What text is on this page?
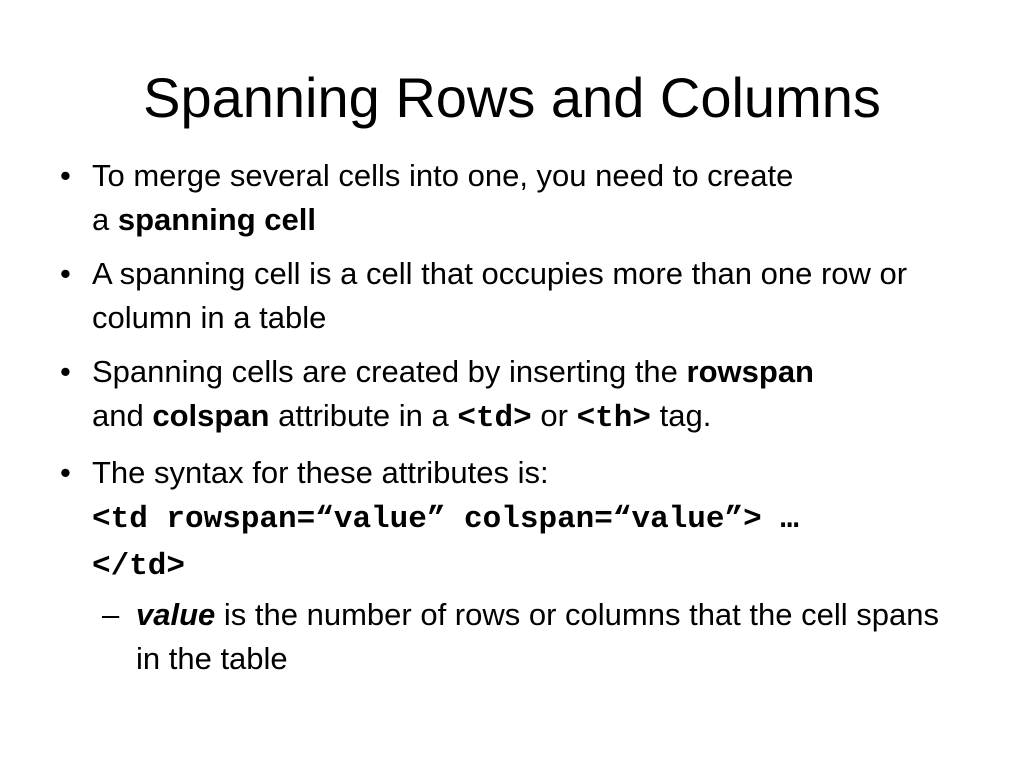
Spanning Rows and Columns
• To merge several cells into one, you need to create
a spanning cell
• A spanning cell is a cell that occupies more than one row or column in a table
• Spanning cells are created by inserting the rowspan
and colspan attribute in a <td> or <th> tag.
• The syntax for these attributes is:
<td rowspan=“value” colspan=“value”> …
</td>
– value is the number of rows or columns that the cell spans in the table
